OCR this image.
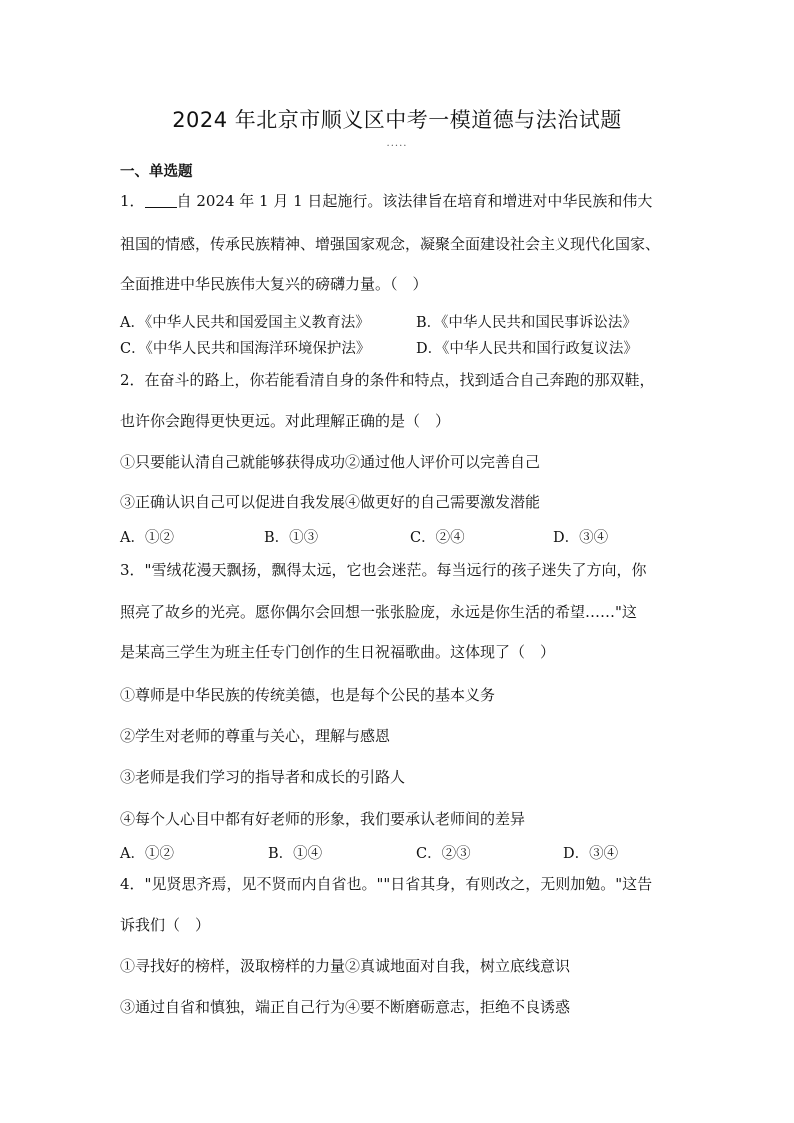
2024 年北京市顺义区中考一模道德与法治试题
.....
一、单选题
1． 自 2024 年 1 月 1 日起施行。该法律旨在培育和增进对中华民族和伟大
祖国的情感，传承民族精神、增强国家观念，凝聚全面建设社会主义现代化国家、
全面推进中华民族伟大复兴的磅礴力量。（　）
A．《中华人民共和国爱国主义教育法》	B．《中华人民共和国民事诉讼法》
C．《中华人民共和国海洋环境保护法》	D．《中华人民共和国行政复议法》
2．在奋斗的路上，你若能看清自身的条件和特点，找到适合自己奔跑的那双鞋，
也许你会跑得更快更远。对此理解正确的是（　）
①只要能认清自己就能够获得成功②通过他人评价可以完善自己
③正确认识自己可以促进自我发展④做更好的自己需要激发潜能
A．①②	B．①③	C．②④	D．③④
3．"雪绒花漫天飘扬，飘得太远，它也会迷茫。每当远行的孩子迷失了方向，你
照亮了故乡的光亮。愿你偶尔会回想一张张脸庞，永远是你生活的希望……"这
是某高三学生为班主任专门创作的生日祝福歌曲。这体现了（　）
①尊师是中华民族的传统美德，也是每个公民的基本义务
②学生对老师的尊重与关心，理解与感恩
③老师是我们学习的指导者和成长的引路人
④每个人心目中都有好老师的形象，我们要承认老师间的差异
A．①②	B．①④	C．②③	D．③④
4．"见贤思齐焉，见不贤而内自省也。""日省其身，有则改之，无则加勉。"这告
诉我们（　）
①寻找好的榜样，汲取榜样的力量②真诚地面对自我，树立底线意识
③通过自省和慎独，端正自己行为④要不断磨砺意志，拒绝不良诱惑
